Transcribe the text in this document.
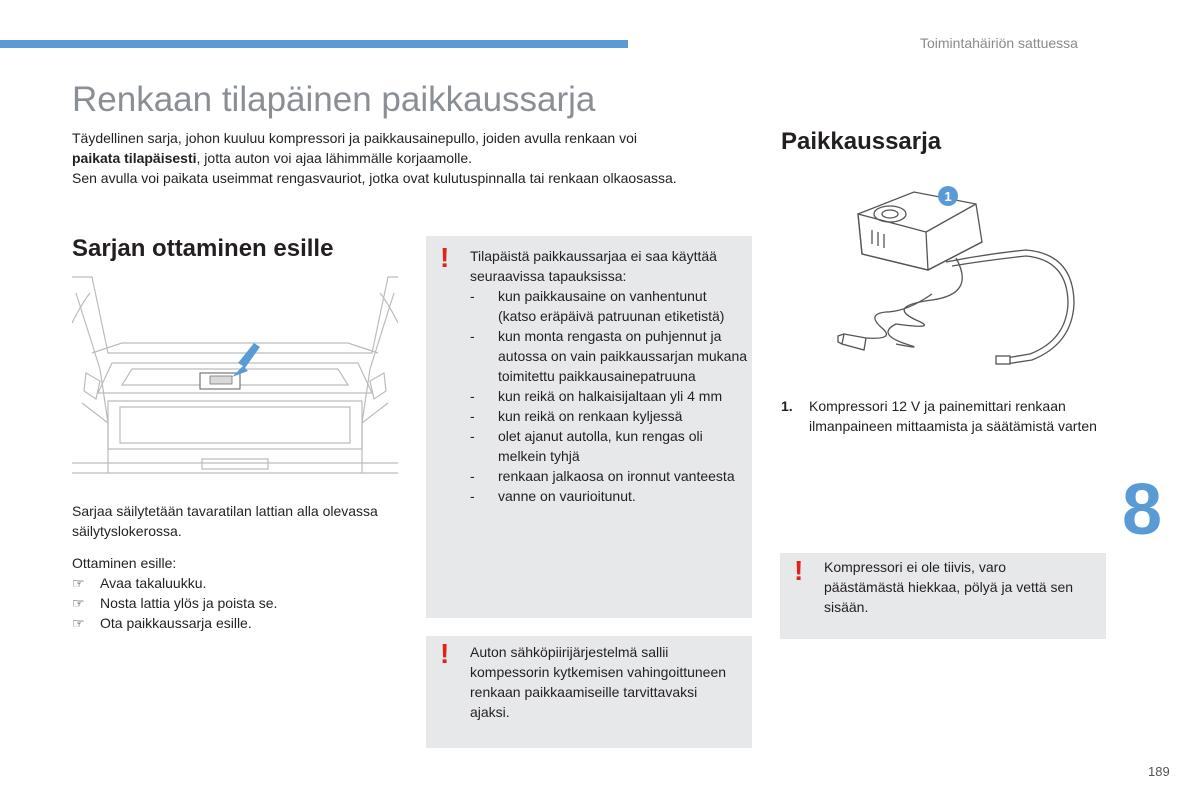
Toimintahäiriön sattuessa
Renkaan tilapäinen paikkaussarja

Täydellinen sarja, johon kuuluu kompressori ja paikkausainepullo, joiden avulla renkaan voi

paikata tilapäisesti, jotta auton voi ajaa lähimmälle korjaamolle.

Sen avulla voi paikata useimmat rengasvauriot, jotka ovat kulutuspinnalla tai renkaan olkaosassa.

Sarjan ottaminen esille

Sarjaa säilytetään tavaratilan lattian alla olevassa säilytyslokerossa.

Ottaminen esille:

☞	Avaa takaluukku.
☞	Nosta lattia ylös ja poista se.
☞	Ota paikkaussarja esille.
! Tilapäistä paikkaussarjaa ei saa käyttää seuraavissa tapauksissa:
- kun paikkausaine on vanhentunut (katso eräpäivä patruunan etiketistä)
- kun monta rengasta on puhjennut ja autossa on vain paikkaussarjan mukana toimitettu paikkausainepatruuna
- kun reikä on halkaisijaltaan yli 4 mm
- kun reikä on renkaan kyljessä
- olet ajanut autolla, kun rengas oli melkein tyhjä
- renkaan jalkaosa on ironnut vanteesta
- vanne on vaurioitunut.
! Auton sähköpiirijärjestelmä sallii kompessorin kytkemisen vahingoittuneen renkaan paikkaamiseille tarvittavaksi ajaksi.
Paikkaussarja
1
1.	Kompressori 12 V ja painemittari renkaan ilmanpaineen mittaamista ja säätämistä varten
! Kompressori ei ole tiivis, varo päästämästä hiekkaa, pölyä ja vettä sen sisään.
8
189
